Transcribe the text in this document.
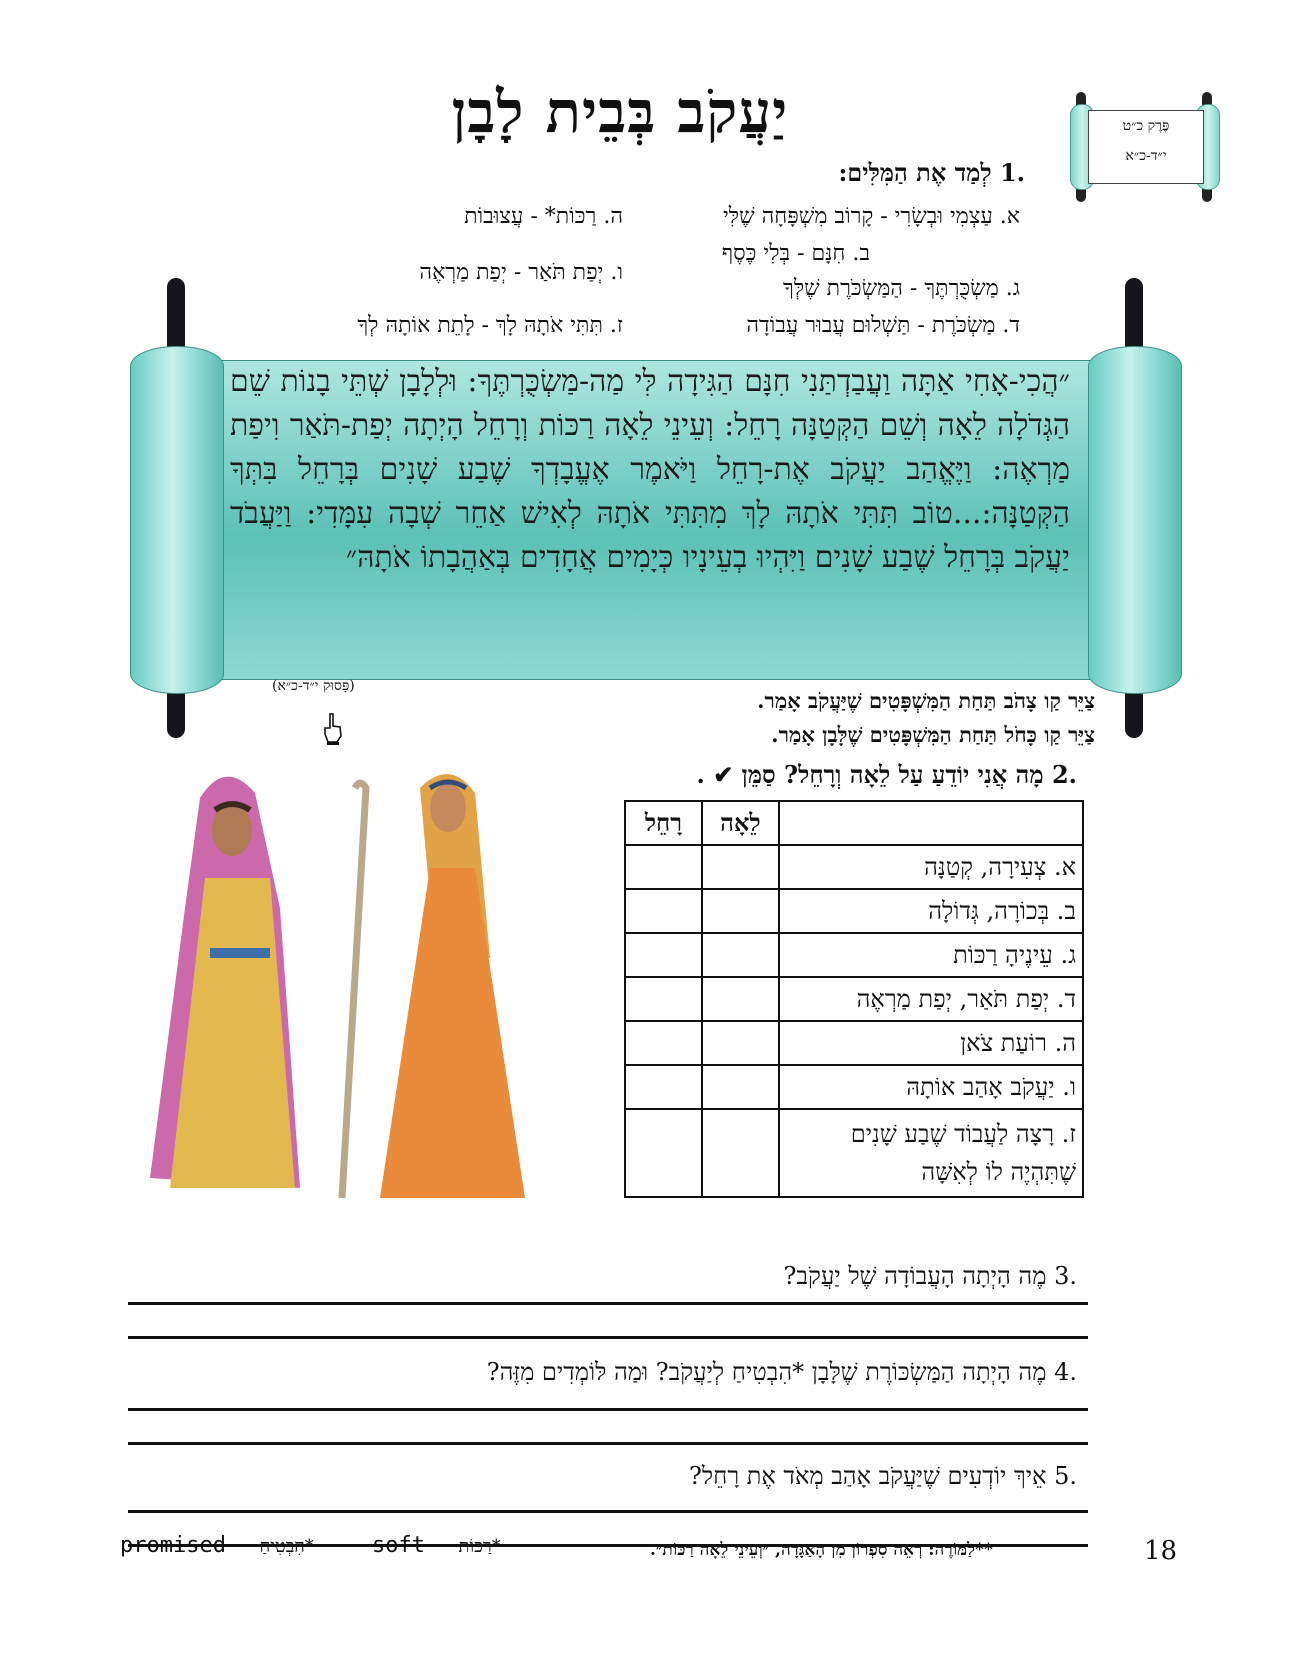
יַעֲקֹב בְּבֵית לָבָן	פֶּרֶק כ״ט
י״ד-כ״א
.1 לְמַד אֶת הַמִּלִּים:
א. עַצְמִי וּבְשָׂרִי - קָרוֹב מִשְׁפָּחָה שֶׁלִּי
ב. חִנָּם - בְּלִי כֶּסֶף
ג. מַשְׂכֻּרְתֶּךָ - הַמַּשְׂכֹּרֶת שֶׁלְּךָ
ד. מַשְׂכֹּרֶת - תַּשְׁלוּם עֲבוּר עֲבוֹדָה
ה. רַכּוֹת* - עֲצוּבוֹת
ו. יְפַת תֹּאַר - יְפַת מַרְאֶה
ז. תִּתִּי אֹתָהּ לָךְ - לָתֵת אוֹתָהּ לְךָ
״הֲכִי-אָחִי אַתָּה וַעֲבַדְתַּנִי חִנָּם הַגִּידָה לִּי מַה-מַּשְׂכֻּרְתֶּךָ: וּלְלָבָן שְׁתֵּי בָנוֹת שֵׁם הַגְּדֹלָה לֵאָה וְשֵׁם הַקְּטַנָּה רָחֵל: וְעֵינֵי לֵאָה רַכּוֹת וְרָחֵל הָיְתָה יְפַת-תֹּאַר וִיפַת מַרְאֶה: וַיֶּאֱהַב יַעֲקֹב אֶת-רָחֵל וַיֹּאמֶר אֶעֱבָדְךָ שֶׁבַע שָׁנִים בְּרָחֵל בִּתְּךָ הַקְּטַנָּה:...טוֹב תִּתִּי אֹתָהּ לָךְ מִתִּתִּי אֹתָהּ לְאִישׁ אַחֵר שְׁבָה עִמָּדִי: וַיַּעֲבֹד יַעֲקֹב בְּרָחֵל שֶׁבַע שָׁנִים וַיִּהְיוּ בְעֵינָיו כְּיָמִים אֲחָדִים בְּאַהֲבָתוֹ אֹתָהּ״
(פָּסוּק י״ד-כ״א)
צַיֵּר קַו צָהֹב תַּחַת הַמִּשְׁפָּטִים שֶׁיַּעֲקֹב אָמַר.
צַיֵּר קַו כָּחֹל תַּחַת הַמִּשְׁפָּטִים שֶׁלָּבָן אָמַר.
.2 מָה אֲנִי יוֹדֵעַ עַל לֵאָה וְרָחֵל? סַמֵּן ✔ .
	לֵאָה	רָחֵל
א. צְעִירָה, קְטַנָּה		
ב. בְּכוֹרָה, גְּדוֹלָה		
ג. עֵינֶיהָ רַכּוֹת		
ד. יְפַת תֹּאַר, יְפַת מַרְאֶה		
ה. רוֹעַת צֹאן		
ו. יַעֲקֹב אָהַב אוֹתָהּ		
ז. רָצָה לַעֲבוֹד שֶׁבַע שָׁנִים שֶׁתִּהְיֶה לוֹ לְאִשָּׁה		
.3 מֶה הָיְתָה הָעֲבוֹדָה שֶׁל יַעֲקֹב?
.4 מֶה הָיְתָה הַמַּשְׂכּוֹרֶת שֶׁלָּבָן *הִבְטִיחַ לְיַעֲקֹב? וּמַה לּוֹמְדִים מִזֶּה?
.5 אֵיךְ יוֹדְעִים שֶׁיַּעֲקֹב אָהַב מְאֹד אֶת רָחֵל?
18
**לַמּוֹרֶה: רְאֵה סִפְרוֹן מִן הָאַגָּדָה, ״וְעֵינֵי לֵאָה רַכּוֹת״.
promised - הִבְטִיחַ*	soft - רַכּוֹת*
